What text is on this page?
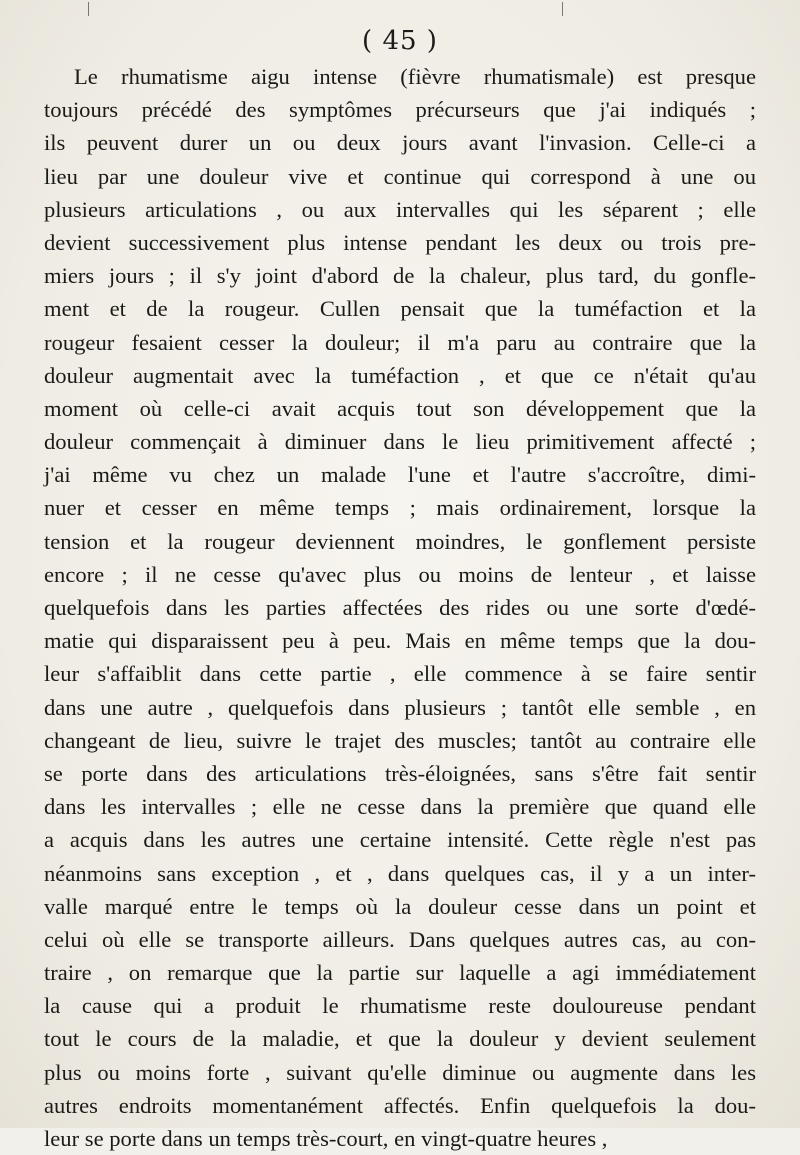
( 45 )
Le rhumatisme aigu intense (fièvre rhumatismale) est presque
toujours précédé des symptômes précurseurs que j'ai indiqués ;
ils peuvent durer un ou deux jours avant l'invasion. Celle-ci a
lieu par une douleur vive et continue qui correspond à une ou
plusieurs articulations , ou aux intervalles qui les séparent ; elle
devient successivement plus intense pendant les deux ou trois pre-
miers jours ; il s'y joint d'abord de la chaleur, plus tard, du gonfle-
ment et de la rougeur. Cullen pensait que la tuméfaction et la
rougeur fesaient cesser la douleur; il m'a paru au contraire que la
douleur augmentait avec la tuméfaction , et que ce n'était qu'au
moment où celle-ci avait acquis tout son développement que la
douleur commençait à diminuer dans le lieu primitivement affecté ;
j'ai même vu chez un malade l'une et l'autre s'accroître, dimi-
nuer et cesser en même temps ; mais ordinairement, lorsque la
tension et la rougeur deviennent moindres, le gonflement persiste
encore ; il ne cesse qu'avec plus ou moins de lenteur , et laisse
quelquefois dans les parties affectées des rides ou une sorte d'œdé-
matie qui disparaissent peu à peu. Mais en même temps que la dou-
leur s'affaiblit dans cette partie , elle commence à se faire sentir
dans une autre , quelquefois dans plusieurs ; tantôt elle semble , en
changeant de lieu, suivre le trajet des muscles; tantôt au contraire elle
se porte dans des articulations très-éloignées, sans s'être fait sentir
dans les intervalles ; elle ne cesse dans la première que quand elle
a acquis dans les autres une certaine intensité. Cette règle n'est pas
néanmoins sans exception , et , dans quelques cas, il y a un inter-
valle marqué entre le temps où la douleur cesse dans un point et
celui où elle se transporte ailleurs. Dans quelques autres cas, au con-
traire , on remarque que la partie sur laquelle a agi immédiatement
la cause qui a produit le rhumatisme reste douloureuse pendant
tout le cours de la maladie, et que la douleur y devient seulement
plus ou moins forte , suivant qu'elle diminue ou augmente dans les
autres endroits momentanément affectés. Enfin quelquefois la dou-
leur se porte dans un temps très-court, en vingt-quatre heures ,
